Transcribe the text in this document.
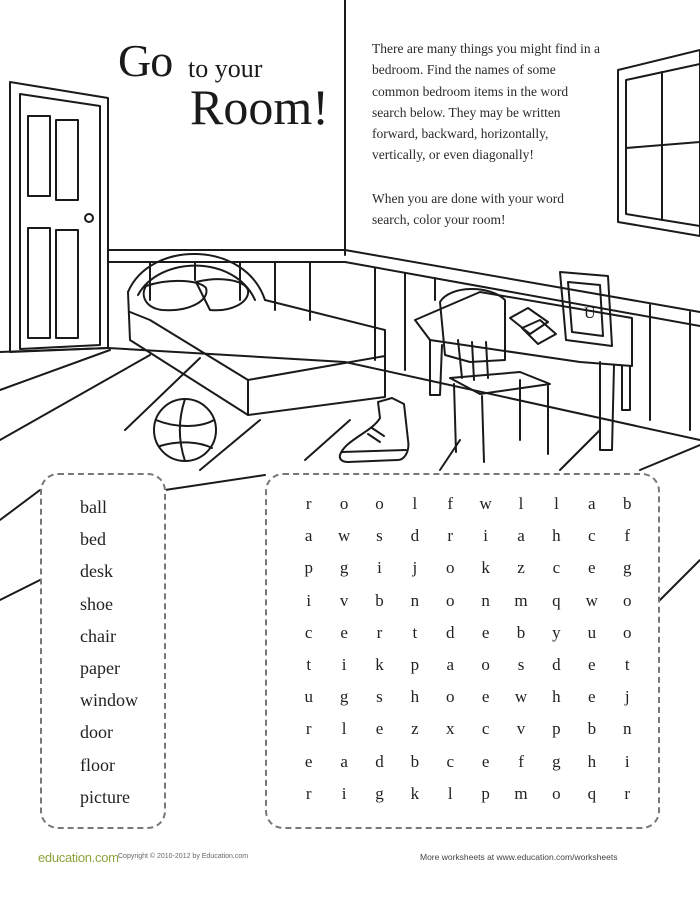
U
Go to your
Room!

There are many things you might find in a bedroom. Find the names of some common bedroom items in the word search below. They may be written forward, backward, horizontally, vertically, or even diagonally!

When you are done with your word search, color your room!

ball
bed
desk
shoe
chair
paper
window
door
floor
picture
r	o	o	l	f	w	l	l	a	b
a	w	s	d	r	i	a	h	c	f
p	g	i	j	o	k	z	c	e	g
i	v	b	n	o	n	m	q	w	o
c	e	r	t	d	e	b	y	u	o
t	i	k	p	a	o	s	d	e	t
u	g	s	h	o	e	w	h	e	j
r	l	e	z	x	c	v	p	b	n
e	a	d	b	c	e	f	g	h	i
r	i	g	k	l	p	m	o	q	r
education.com Copyright © 2010-2012 by Education.com	More worksheets at www.education.com/worksheets
